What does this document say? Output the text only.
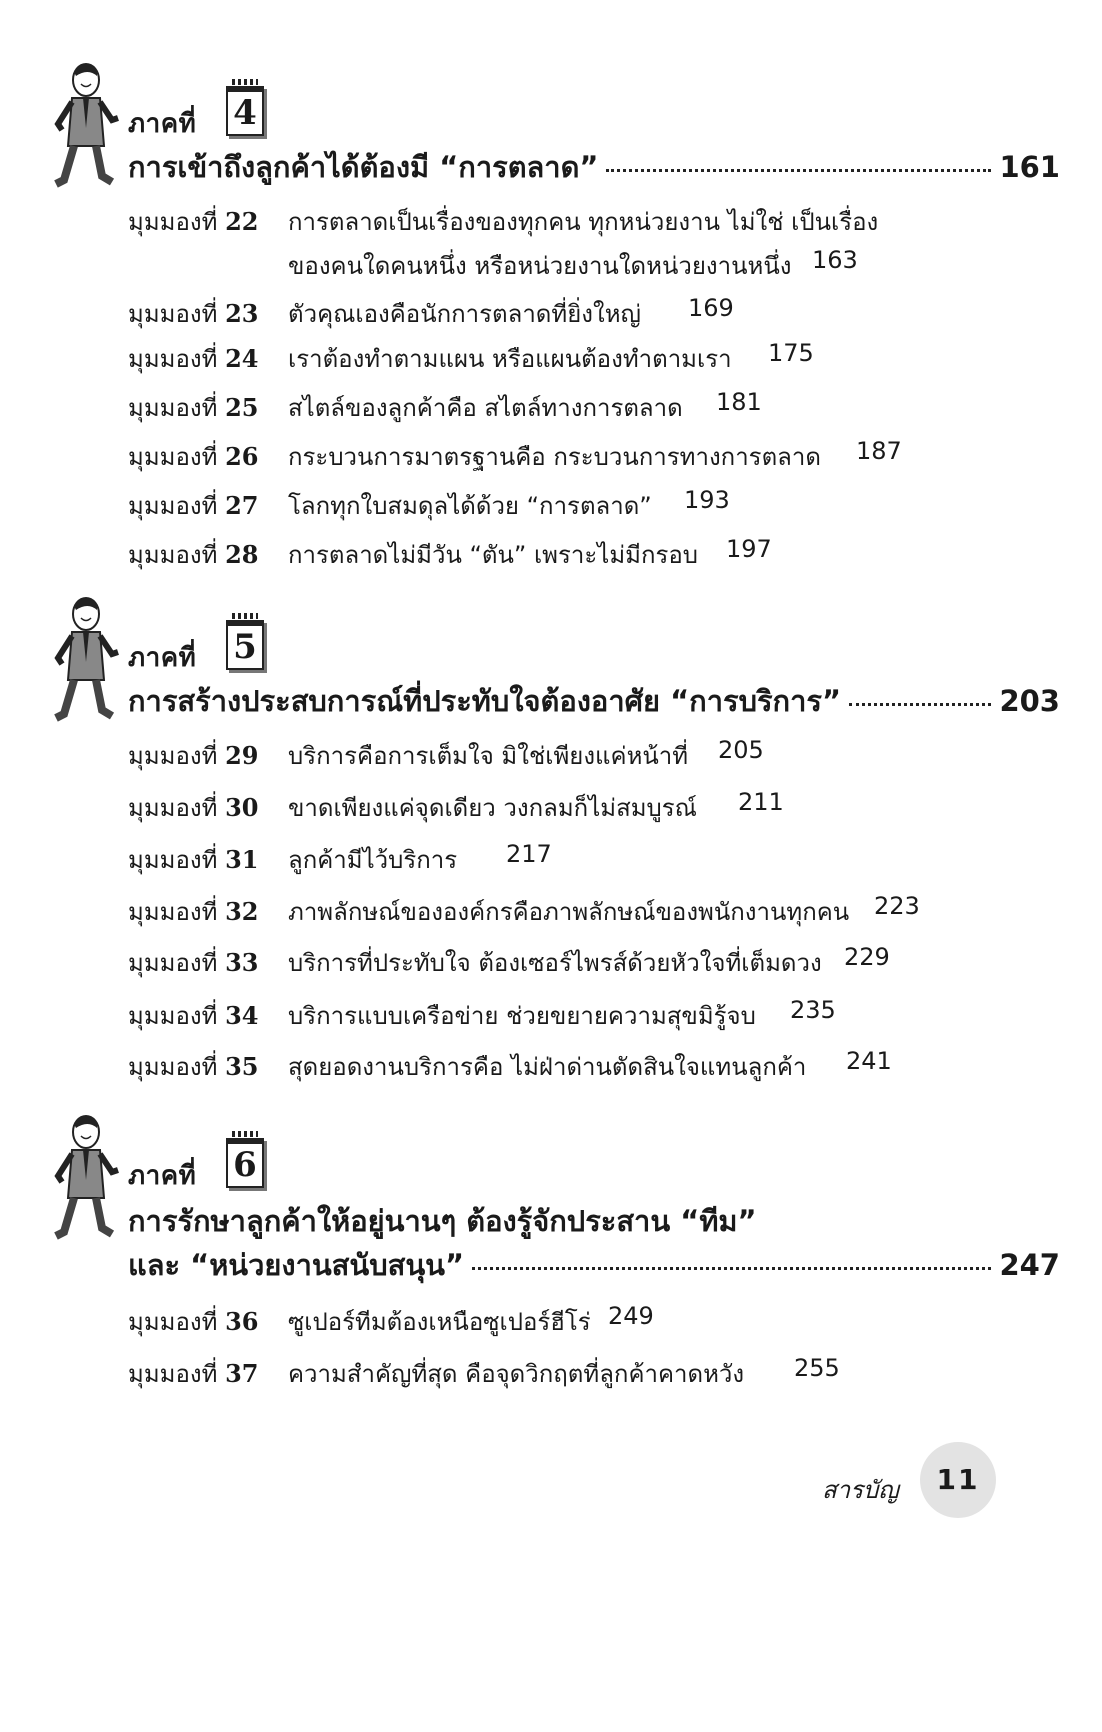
ภาคที่ 4
การเข้าถึงลูกค้าได้ต้องมี “การตลาด”	161
มุมมองที่ 22 การตลาดเป็นเรื่องของทุกคน ทุกหน่วยงาน ไม่ใช่ เป็นเรื่อง
ของคนใดคนหนึ่ง หรือหน่วยงานใดหน่วยงานหนึ่ง 163
มุมมองที่ 23 ตัวคุณเองคือนักการตลาดที่ยิ่งใหญ่ 169
มุมมองที่ 24 เราต้องทำตามแผน หรือแผนต้องทำตามเรา 175
มุมมองที่ 25 สไตล์ของลูกค้าคือ สไตล์ทางการตลาด 181
มุมมองที่ 26 กระบวนการมาตรฐานคือ กระบวนการทางการตลาด 187
มุมมองที่ 27 โลกทุกใบสมดุลได้ด้วย “การตลาด” 193
มุมมองที่ 28 การตลาดไม่มีวัน “ตัน” เพราะไม่มีกรอบ 197
ภาคที่ 5
การสร้างประสบการณ์ที่ประทับใจต้องอาศัย “การบริการ”	203
มุมมองที่ 29 บริการคือการเต็มใจ มิใช่เพียงแค่หน้าที่ 205
มุมมองที่ 30 ขาดเพียงแค่จุดเดียว วงกลมก็ไม่สมบูรณ์ 211
มุมมองที่ 31 ลูกค้ามีไว้บริการ 217
มุมมองที่ 32 ภาพลักษณ์ขององค์กรคือภาพลักษณ์ของพนักงานทุกคน 223
มุมมองที่ 33 บริการที่ประทับใจ ต้องเซอร์ไพรส์ด้วยหัวใจที่เต็มดวง 229
มุมมองที่ 34 บริการแบบเครือข่าย ช่วยขยายความสุขมิรู้จบ 235
มุมมองที่ 35 สุดยอดงานบริการคือ ไม่ฝ่าด่านตัดสินใจแทนลูกค้า 241
ภาคที่ 6
การรักษาลูกค้าให้อยู่นานๆ ต้องรู้จักประสาน “ทีม”
และ “หน่วยงานสนับสนุน”	247
มุมมองที่ 36 ซูเปอร์ทีมต้องเหนือซูเปอร์ฮีโร่ 249
มุมมองที่ 37 ความสำคัญที่สุด คือจุดวิกฤตที่ลูกค้าคาดหวัง 255
สารบัญ	11
